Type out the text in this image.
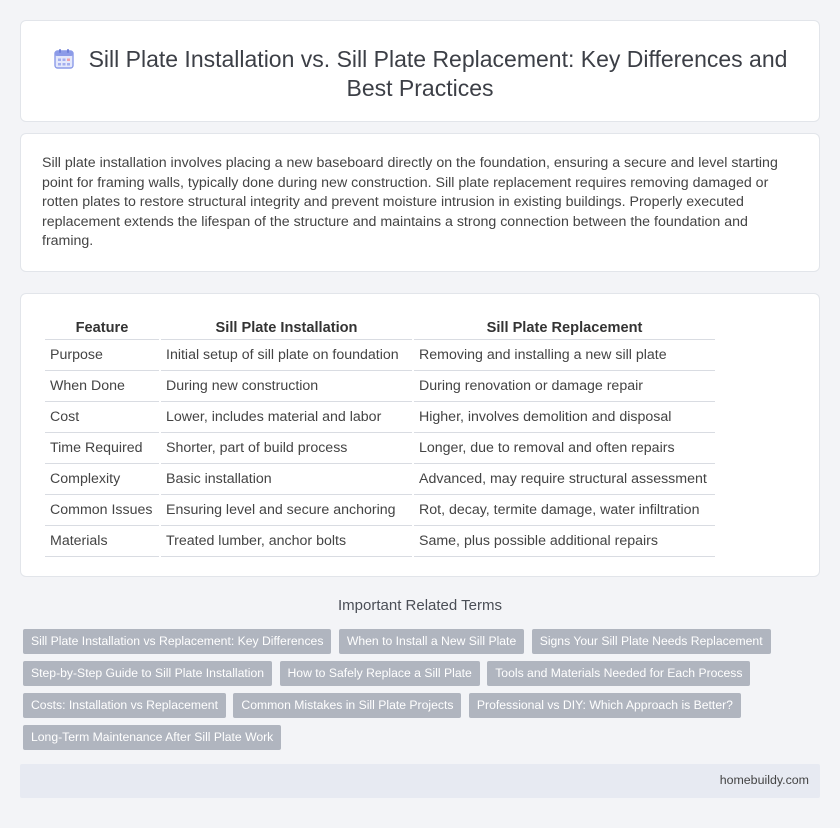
Sill Plate Installation vs. Sill Plate Replacement: Key Differences and Best Practices

Sill plate installation involves placing a new baseboard directly on the foundation, ensuring a secure and level starting point for framing walls, typically done during new construction. Sill plate replacement requires removing damaged or rotten plates to restore structural integrity and prevent moisture intrusion in existing buildings. Properly executed replacement extends the lifespan of the structure and maintains a strong connection between the foundation and framing.

Feature	Sill Plate Installation	Sill Plate Replacement
Purpose	Initial setup of sill plate on foundation	Removing and installing a new sill plate
When Done	During new construction	During renovation or damage repair
Cost	Lower, includes material and labor	Higher, involves demolition and disposal
Time Required	Shorter, part of build process	Longer, due to removal and often repairs
Complexity	Basic installation	Advanced, may require structural assessment
Common Issues	Ensuring level and secure anchoring	Rot, decay, termite damage, water infiltration
Materials	Treated lumber, anchor bolts	Same, plus possible additional repairs
Important Related Terms
Sill Plate Installation vs Replacement: Key Differences When to Install a New Sill Plate Signs Your Sill Plate Needs Replacement Step-by-Step Guide to Sill Plate Installation How to Safely Replace a Sill Plate Tools and Materials Needed for Each Process Costs: Installation vs Replacement Common Mistakes in Sill Plate Projects Professional vs DIY: Which Approach is Better? Long-Term Maintenance After Sill Plate Work
homebuildy.com
